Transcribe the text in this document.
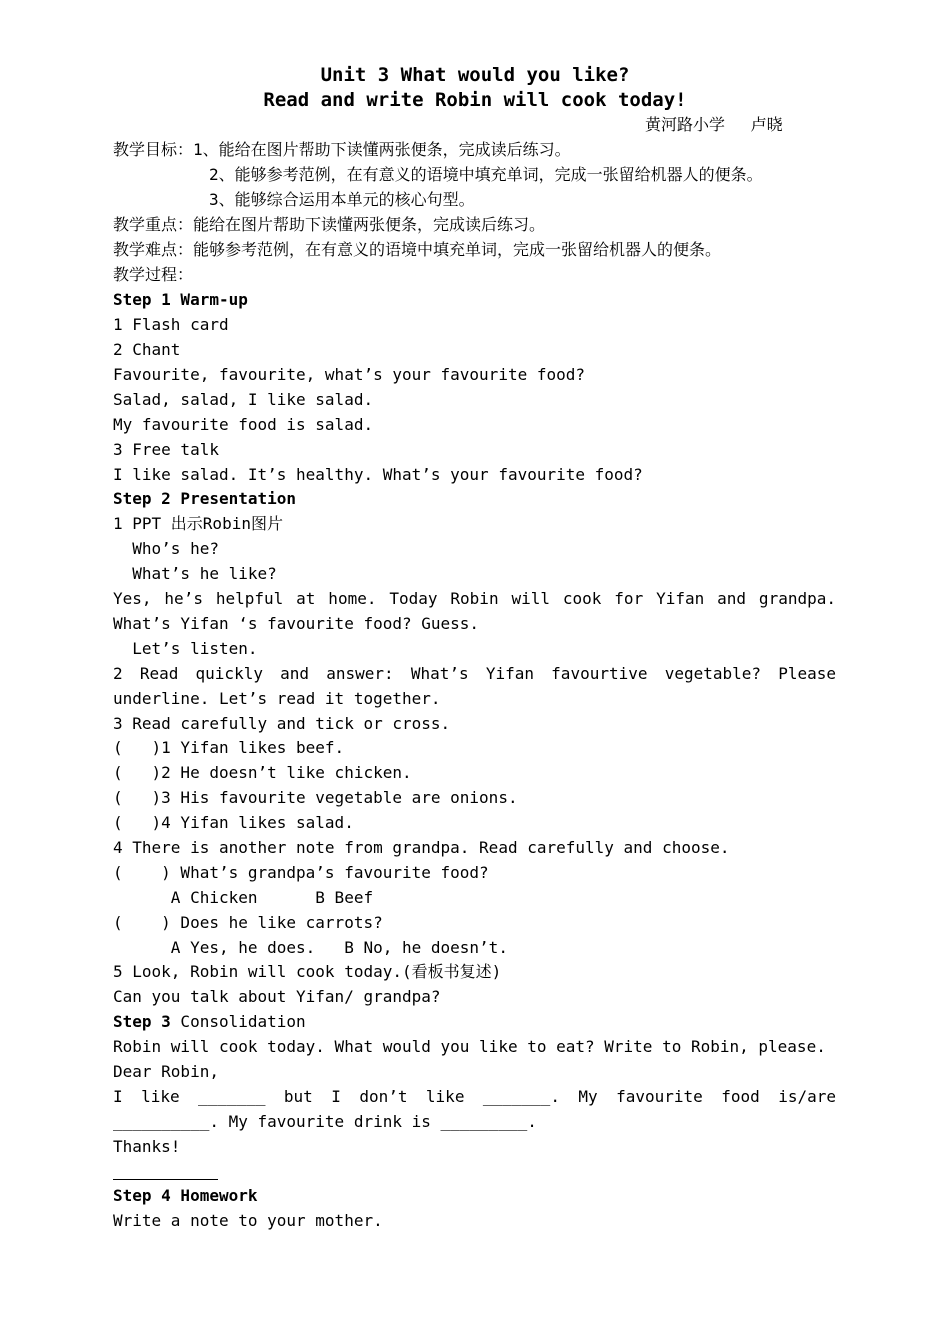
Unit 3 What would you like?
Read and write Robin will cook today!
黄河路小学　 卢晓
教学目标：1、能给在图片帮助下读懂两张便条，完成读后练习。
2、能够参考范例，在有意义的语境中填充单词，完成一张留给机器人的便条。
3、能够综合运用本单元的核心句型。
教学重点：能给在图片帮助下读懂两张便条，完成读后练习。
教学难点：能够参考范例，在有意义的语境中填充单词，完成一张留给机器人的便条。
教学过程：
Step 1 Warm-up
1 Flash card
2 Chant
Favourite, favourite, what’s your favourite food?
Salad, salad, I like salad.
My favourite food is salad.
3 Free talk
I like salad. It’s healthy. What’s your favourite food?
Step 2 Presentation
1 PPT 出示Robin图片
Who’s he?
What’s he like?
Yes, he’s helpful at home. Today Robin will cook for Yifan and grandpa.
What’s Yifan ‘s favourite food? Guess.
Let’s listen.
2 Read quickly and answer: What’s Yifan favourtive vegetable? Please
underline. Let’s read it together.
3 Read carefully and tick or cross.
(   )1 Yifan likes beef.
(   )2 He doesn’t like chicken.
(   )3 His favourite vegetable are onions.
(   )4 Yifan likes salad.
4 There is another note from grandpa. Read carefully and choose.
(    ) What’s grandpa’s favourite food?
A Chicken      B Beef
(    ) Does he like carrots?
A Yes, he does.   B No, he doesn’t.
5 Look, Robin will cook today.(看板书复述)
Can you talk about Yifan/ grandpa?
Step 3 Consolidation
Robin will cook today. What would you like to eat? Write to Robin, please.
Dear Robin,
I like _______ but I don’t like _______. My favourite food is/are
__________. My favourite drink is _________.
Thanks!
Step 4 Homework
Write a note to your mother.
